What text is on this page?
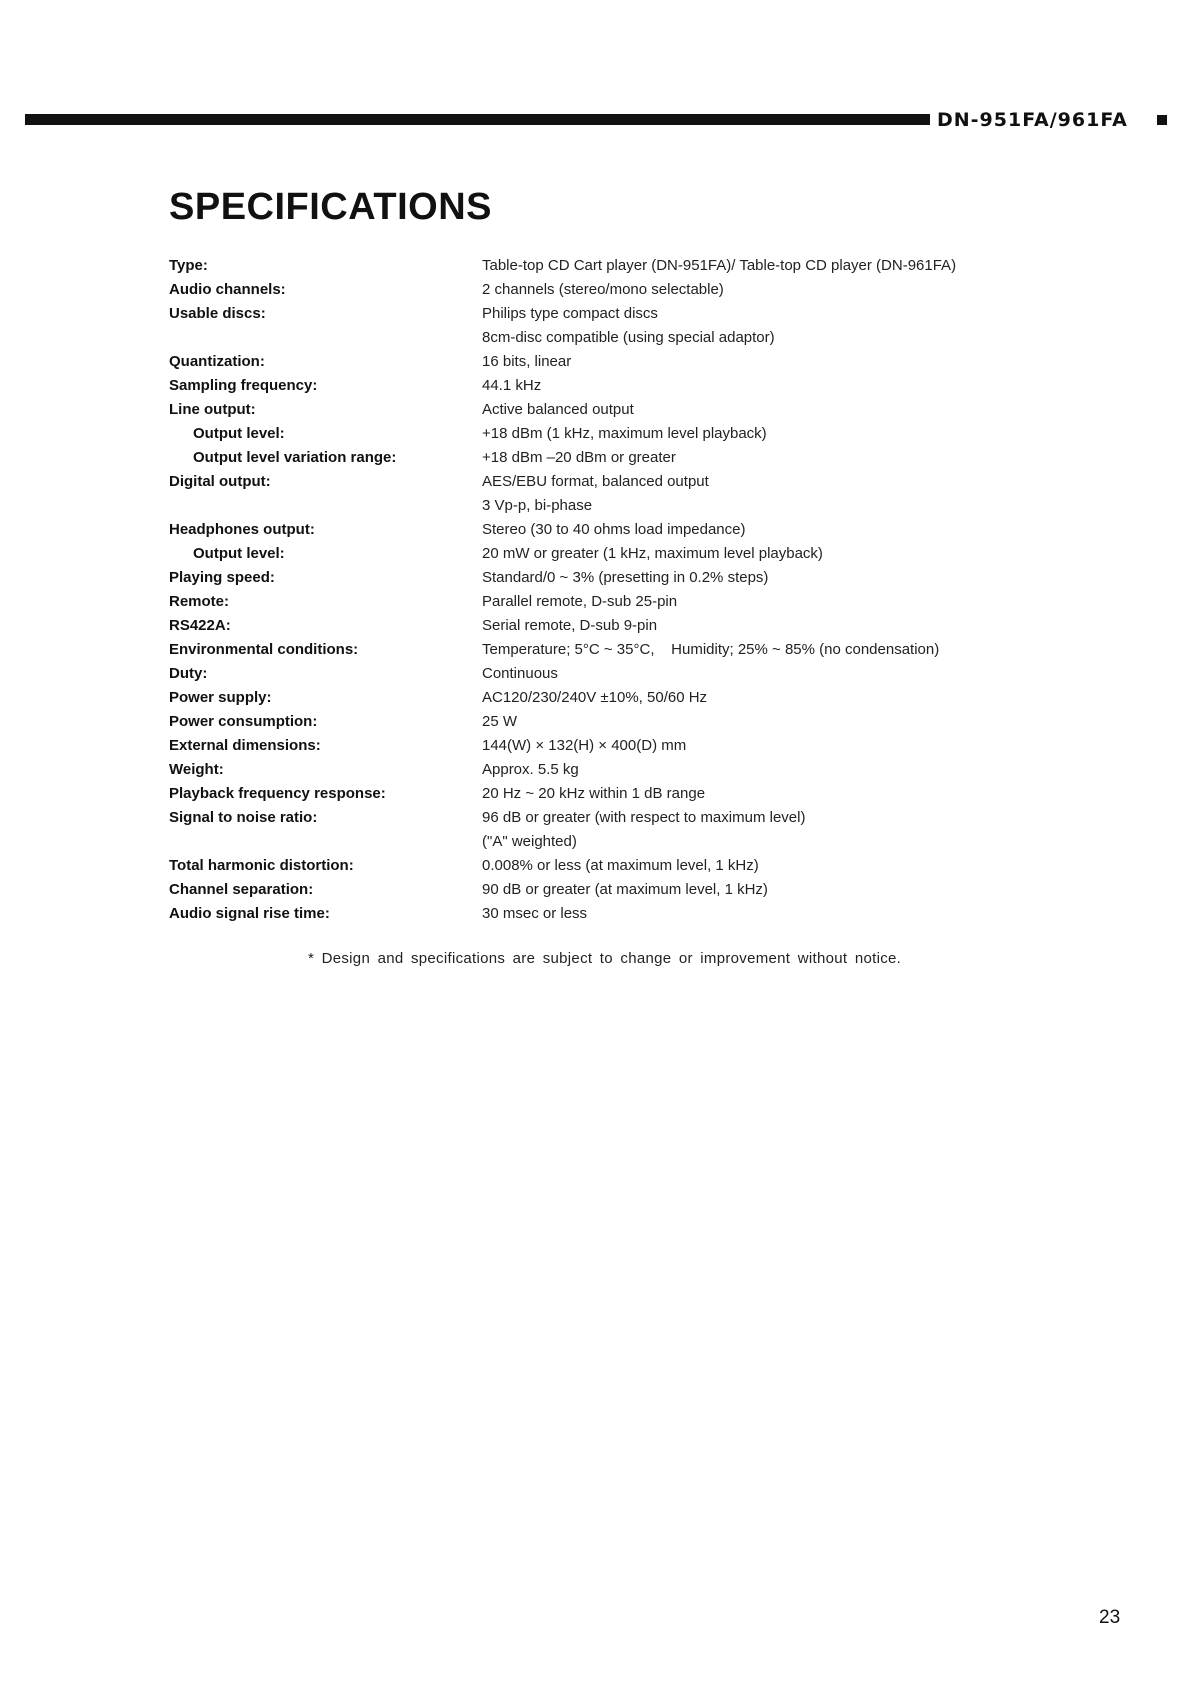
DN-951FA/961FA
SPECIFICATIONS
Type:	Table-top CD Cart player (DN-951FA)/ Table-top CD player (DN-961FA)
Audio channels:	2 channels (stereo/mono selectable)
Usable discs:	Philips type compact discs
8cm-disc compatible (using special adaptor)
Quantization:	16 bits, linear
Sampling frequency:	44.1 kHz
Line output:	Active balanced output
Output level:	+18 dBm (1 kHz, maximum level playback)
Output level variation range:	+18 dBm –20 dBm or greater
Digital output:	AES/EBU format, balanced output
3 Vp-p, bi-phase
Headphones output:	Stereo (30 to 40 ohms load impedance)
Output level:	20 mW or greater (1 kHz, maximum level playback)
Playing speed:	Standard/0 ~ 3% (presetting in 0.2% steps)
Remote:	Parallel remote, D-sub 25-pin
RS422A:	Serial remote, D-sub 9-pin
Environmental conditions:	Temperature; 5°C ~ 35°C,    Humidity; 25% ~ 85% (no condensation)
Duty:	Continuous
Power supply:	AC120/230/240V ±10%, 50/60 Hz
Power consumption:	25 W
External dimensions:	144(W) × 132(H) × 400(D) mm
Weight:	Approx. 5.5 kg
Playback frequency response:	20 Hz ~ 20 kHz within 1 dB range
Signal to noise ratio:	96 dB or greater (with respect to maximum level)
("A" weighted)
Total harmonic distortion:	0.008% or less (at maximum level, 1 kHz)
Channel separation:	90 dB or greater (at maximum level, 1 kHz)
Audio signal rise time:	30 msec or less
* Design and specifications are subject to change or improvement without notice.
23
